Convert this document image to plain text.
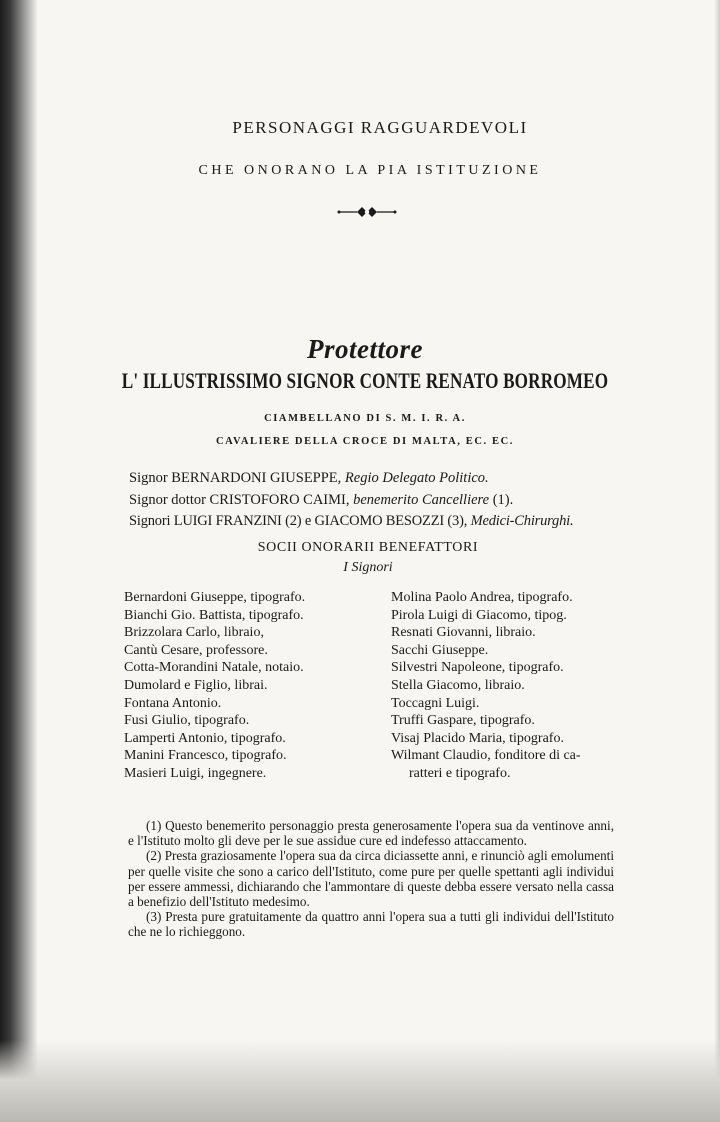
PERSONAGGI RAGGUARDEVOLI
CHE ONORANO LA PIA ISTITUZIONE
Protettore
L' ILLUSTRISSIMO SIGNOR CONTE RENATO BORROMEO
CIAMBELLANO DI S. M. I. R. A.
CAVALIERE DELLA CROCE DI MALTA, EC. EC.
Signor BERNARDONI GIUSEPPE, Regio Delegato Politico.
Signor dottor CRISTOFORO CAIMI, benemerito Cancelliere (1).
Signori LUIGI FRANZINI (2) e GIACOMO BESOZZI (3), Medici-Chirurghi.
SOCII ONORARII BENEFATTORI
I Signori
Bernardoni Giuseppe, tipografo.
Bianchi Gio. Battista, tipografo.
Brizzolara Carlo, libraio,
Cantù Cesare, professore.
Cotta-Morandini Natale, notaio.
Dumolard e Figlio, librai.
Fontana Antonio.
Fusi Giulio, tipografo.
Lamperti Antonio, tipografo.
Manini Francesco, tipografo.
Masieri Luigi, ingegnere.
Molina Paolo Andrea, tipografo.
Pirola Luigi di Giacomo, tipog.
Resnati Giovanni, libraio.
Sacchi Giuseppe.
Silvestri Napoleone, tipografo.
Stella Giacomo, libraio.
Toccagni Luigi.
Truffi Gaspare, tipografo.
Visaj Placido Maria, tipografo.
Wilmant Claudio, fonditore di ca-
ratteri e tipografo.

(1) Questo benemerito personaggio presta generosamente l'opera sua da ventinove anni, e l'Istituto molto gli deve per le sue assidue cure ed indefesso attaccamento.

(2) Presta graziosamente l'opera sua da circa diciassette anni, e rinunciò agli emolumenti per quelle visite che sono a carico dell'Istituto, come pure per quelle spettanti agli individui per essere ammessi, dichiarando che l'ammontare di queste debba essere versato nella cassa a benefizio dell'Istituto medesimo.

(3) Presta pure gratuitamente da quattro anni l'opera sua a tutti gli individui dell'Istituto che ne lo richieggono.
